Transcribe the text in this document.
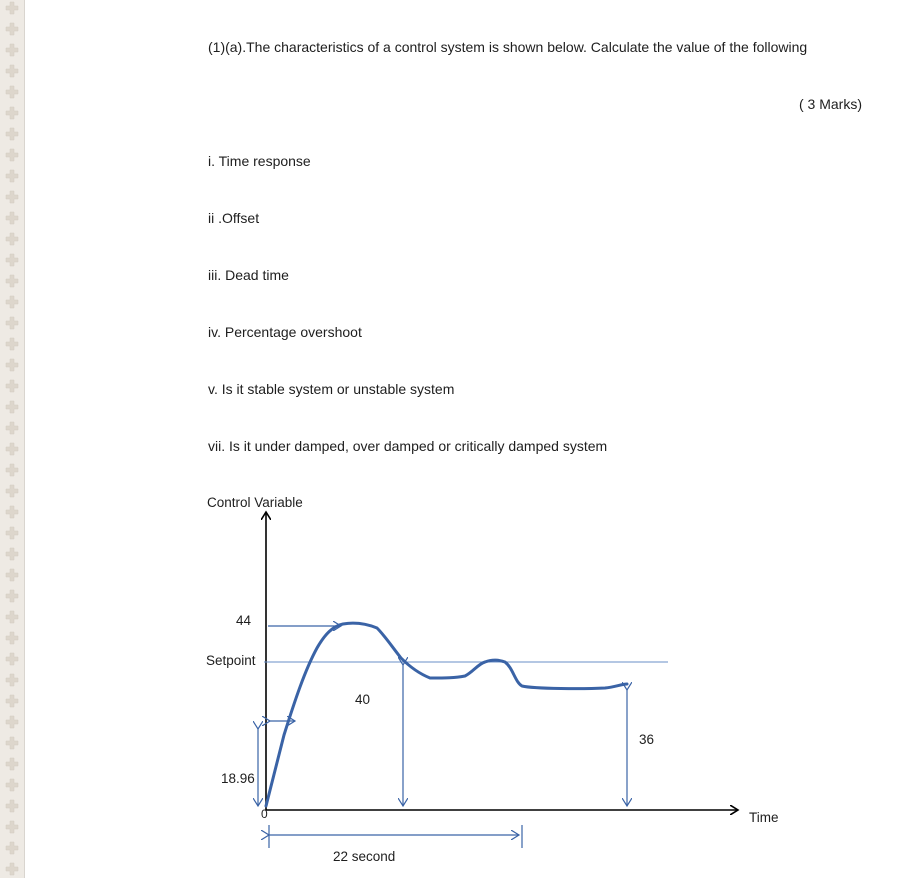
(1)(a).The characteristics of a control system is shown below. Calculate the value of the following
( 3 Marks)
i. Time response
ii .Offset
iii. Dead time
iv. Percentage overshoot
v. Is it stable system or unstable system
vii. Is it under damped, over damped or critically damped system
Control Variable
44
Setpoint
40
36
18.96
0	Time
22 second
